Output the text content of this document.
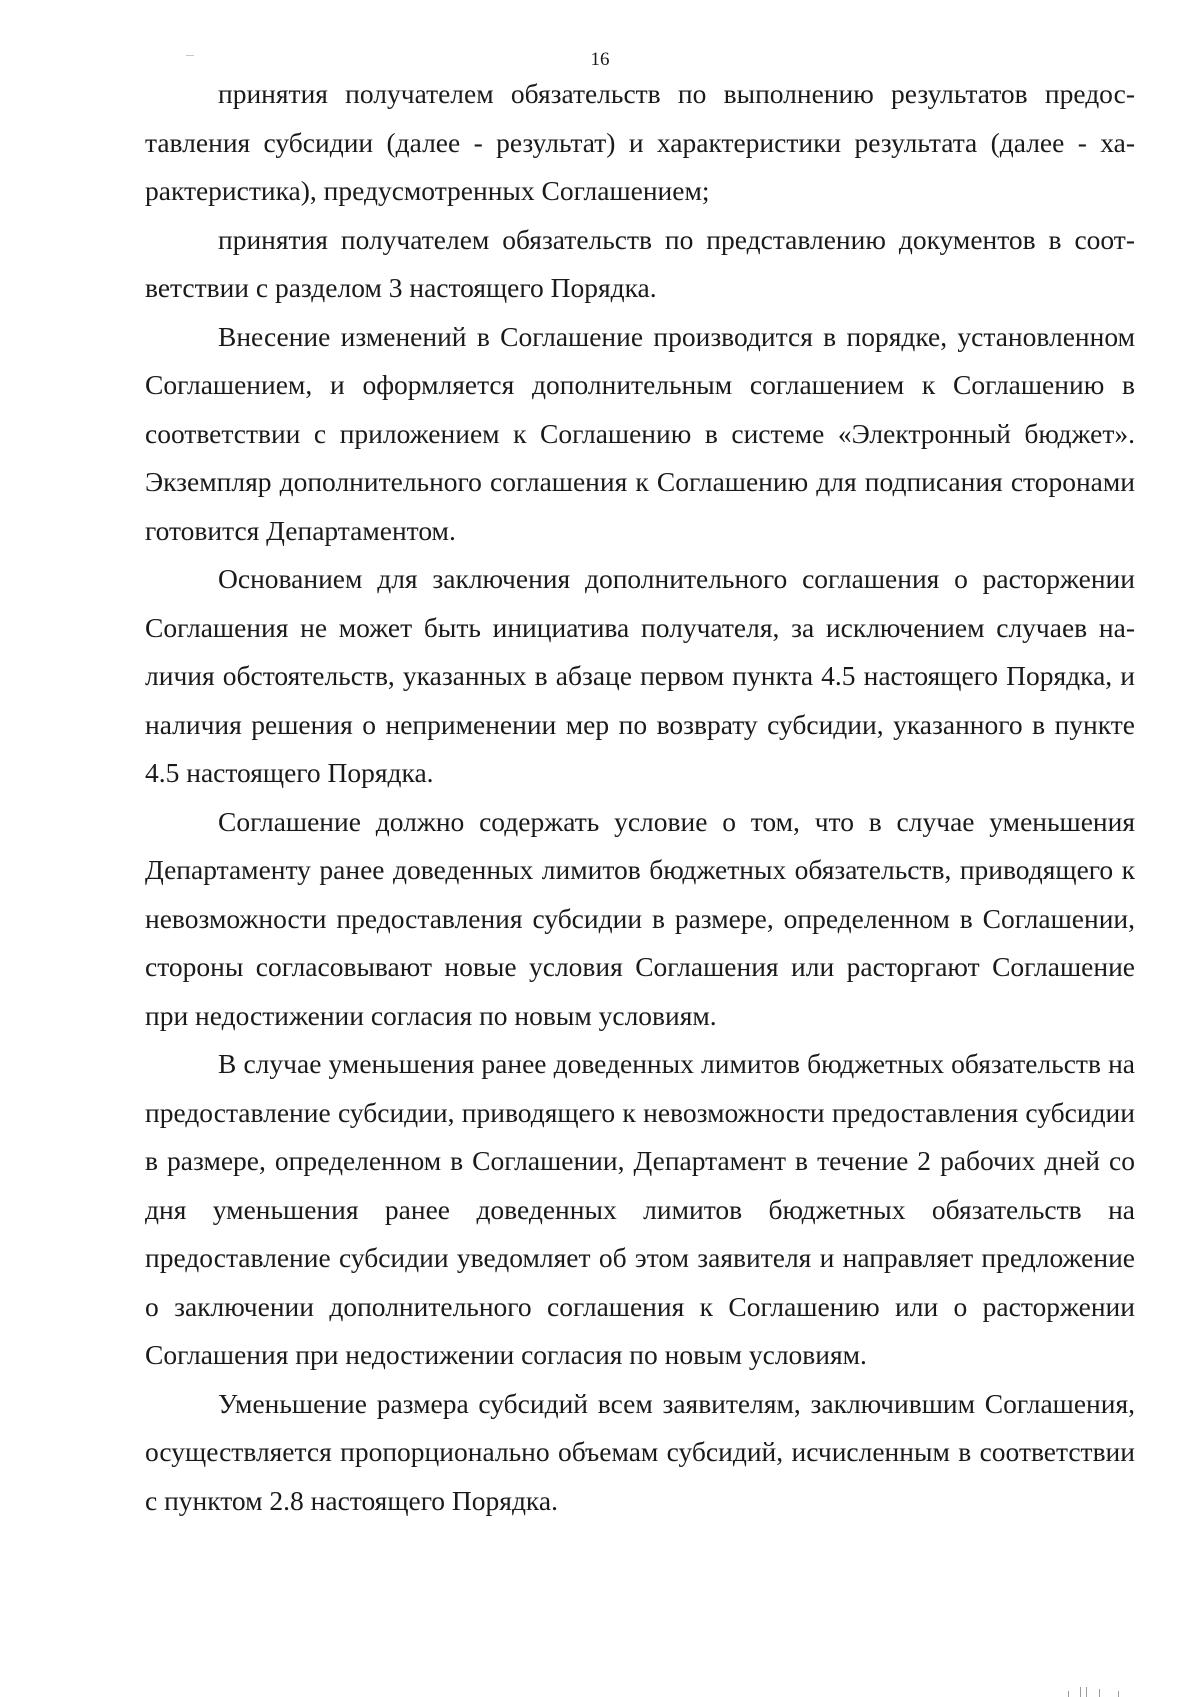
16

принятия получателем обязательств по выполнению результатов предоставления субсидии (далее - результат) и характеристики результата (далее - характеристика), предусмотренных Соглашением;

принятия получателем обязательств по представлению документов в соответствии с разделом 3 настоящего Порядка.

Внесение изменений в Соглашение производится в порядке, установленном Соглашением, и оформляется дополнительным соглашением к Соглашению в соответствии с приложением к Соглашению в системе «Электронный бюджет». Экземпляр дополнительного соглашения к Соглашению для подписания сторонами готовится Департаментом.

Основанием для заключения дополнительного соглашения о расторжении Соглашения не может быть инициатива получателя, за исключением случаев наличия обстоятельств, указанных в абзаце первом пункта 4.5 настоящего Порядка, и наличия решения о неприменении мер по возврату субсидии, указанного в пункте 4.5 настоящего Порядка.

Соглашение должно содержать условие о том, что в случае уменьшения Департаменту ранее доведенных лимитов бюджетных обязательств, приводящего к невозможности предоставления субсидии в размере, определенном в Соглашении, стороны согласовывают новые условия Соглашения или расторгают Соглашение при недостижении согласия по новым условиям.

В случае уменьшения ранее доведенных лимитов бюджетных обязательств на предоставление субсидии, приводящего к невозможности предоставления субсидии в размере, определенном в Соглашении, Департамент в течение 2 рабочих дней со дня уменьшения ранее доведенных лимитов бюджетных обязательств на предоставление субсидии уведомляет об этом заявителя и направляет предложение о заключении дополнительного соглашения к Соглашению или о расторжении Соглашения при недостижении согласия по новым условиям.

Уменьшение размера субсидий всем заявителям, заключившим Соглашения, осуществляется пропорционально объемам субсидий, исчисленным в соответствии с пунктом 2.8 настоящего Порядка.
